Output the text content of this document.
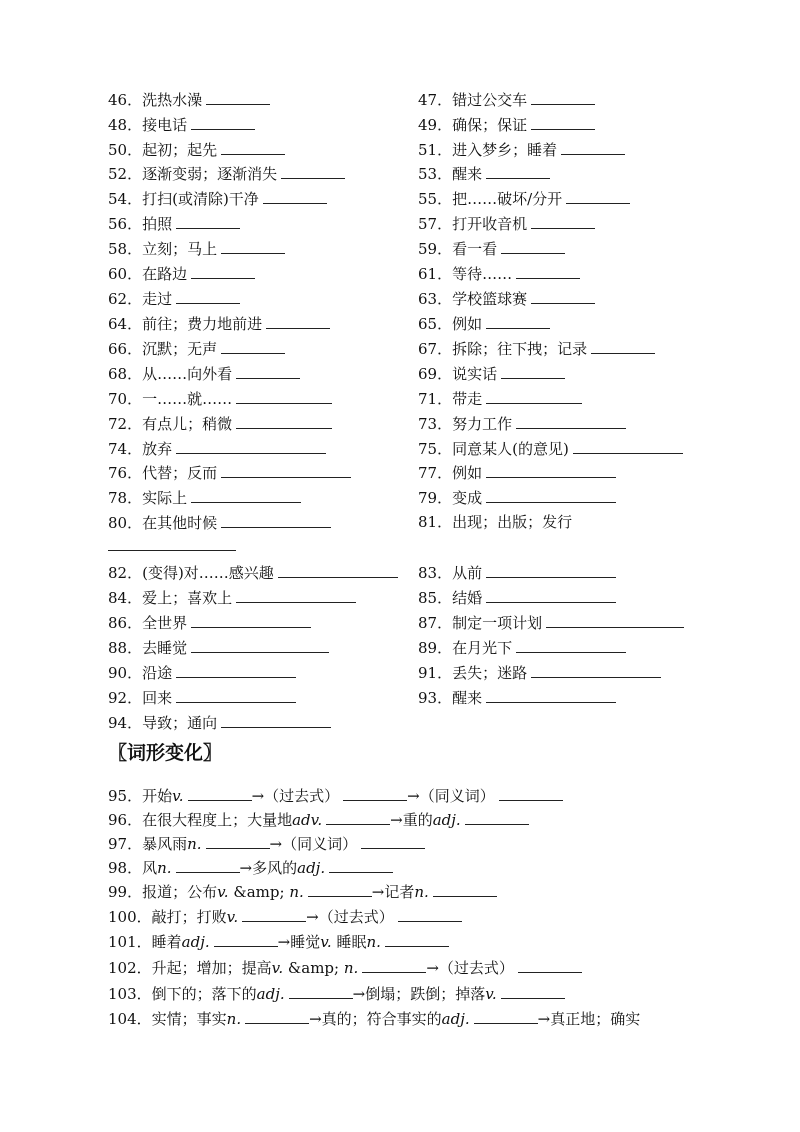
46．洗热水澡
48．接电话
50．起初；起先
52．逐渐变弱；逐渐消失
54．打扫(或清除)干净
56．拍照
58．立刻；马上
60．在路边
62．走过
64．前往；费力地前进
66．沉默；无声
68．从……向外看
70．一……就……
72．有点儿；稍微
74．放弃
76．代替；反而
78．实际上
80．在其他时候
82．(变得)对……感兴趣
84．爱上；喜欢上
86．全世界
88．去睡觉
90．沿途
92．回来
94．导致；通向
47．错过公交车
49．确保；保证
51．进入梦乡；睡着
53．醒来
55．把……破坏/分开
57．打开收音机
59．看一看
61．等待……
63．学校篮球赛
65．例如
67．拆除；往下拽；记录
69．说实话
71．带走
73．努力工作
75．同意某人(的意见)
77．例如
79．变成
81．出现；出版；发行
83．从前
85．结婚
87．制定一项计划
89．在月光下
91．丢失；迷路
93．醒来
〖词形变化〗
95．开始v.	→（过去式）	→（同义词）
96．在很大程度上；大量地adv.	→重的adj.
97．暴风雨n.	→（同义词）
98．风n.	→多风的adj.
99．报道；公布v. &amp; n.	→记者n.
100．敲打；打败v.	→（过去式）
101．睡着adj.	→睡觉v. 睡眠n.
102．升起；增加；提高v. &amp; n.	→（过去式）
103．倒下的；落下的adj.	→倒塌；跌倒；掉落v.
104．实情；事实n.	→真的；符合事实的adj.	→真正地；确实
